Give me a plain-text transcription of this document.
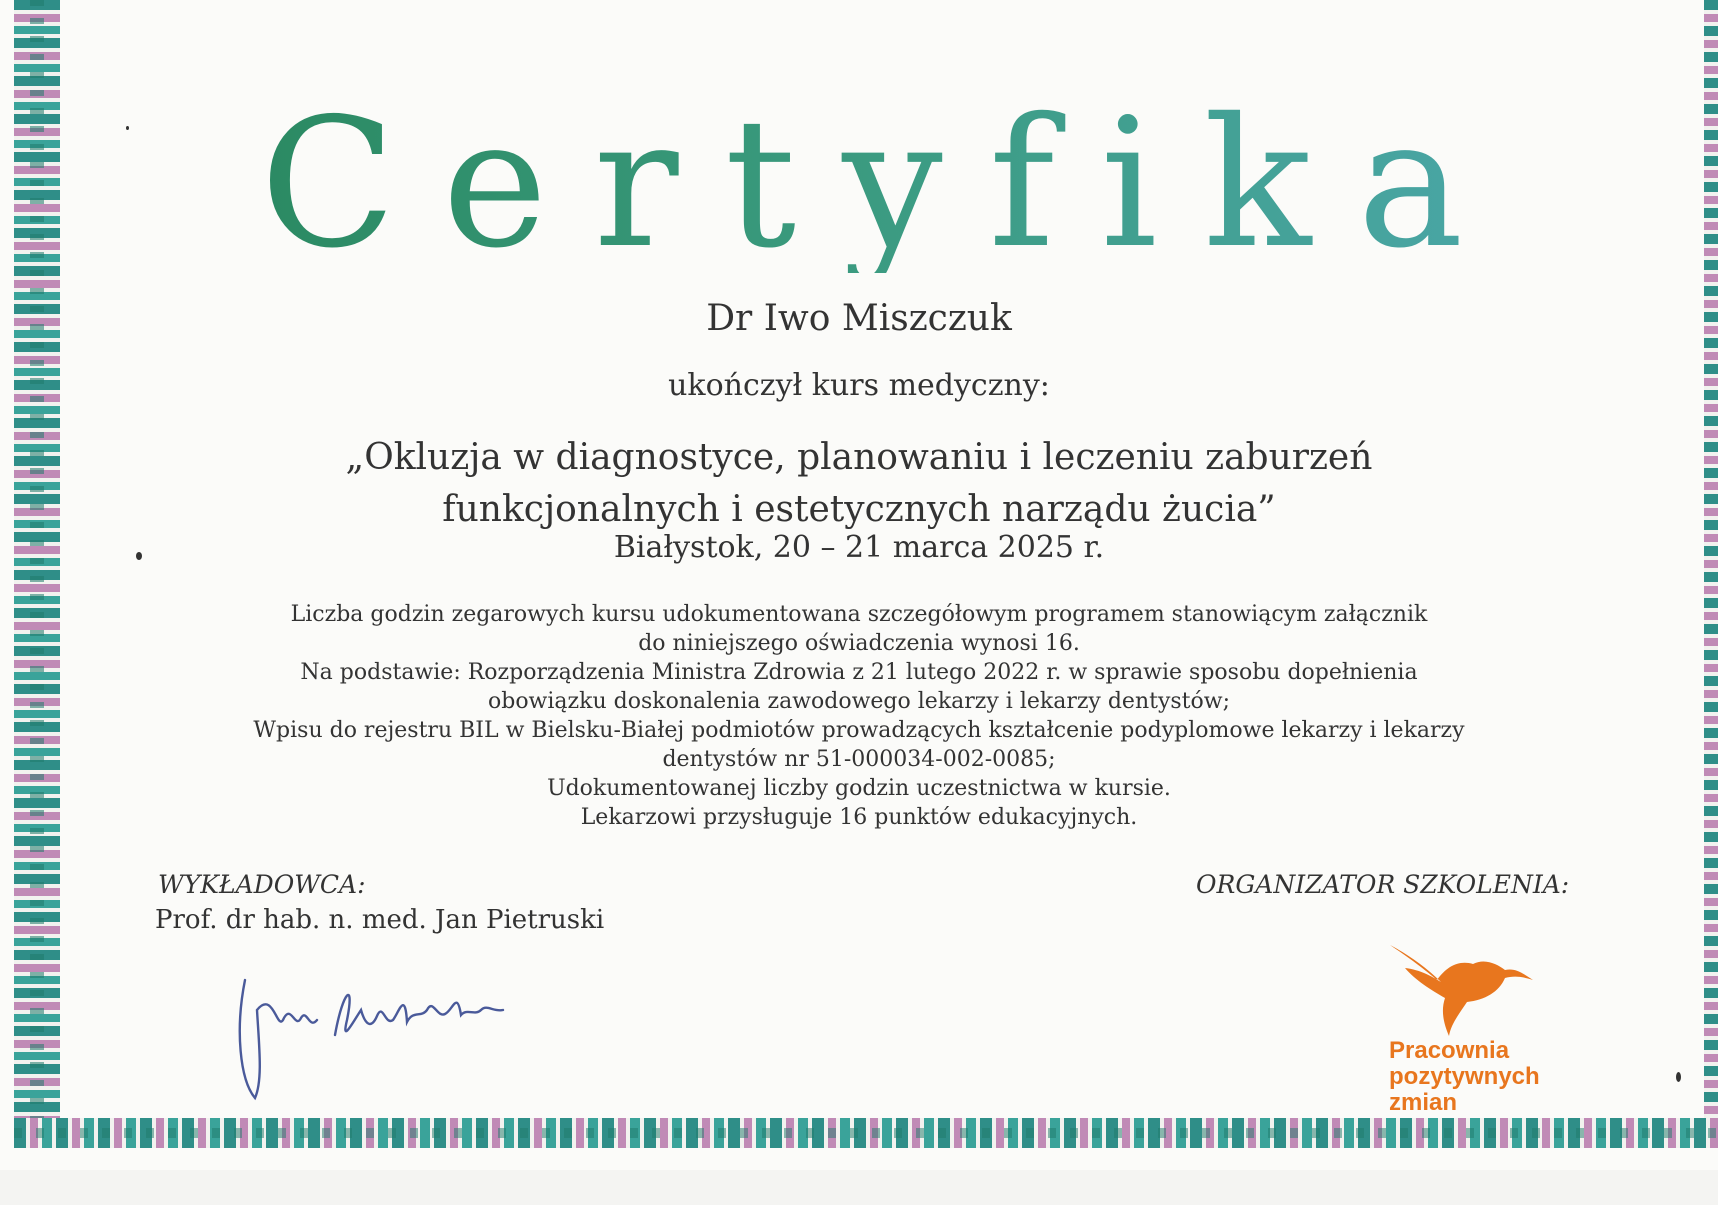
Certyfikat

Dr Iwo Miszczuk

ukończył kurs medyczny:

„Okluzja w diagnostyce, planowaniu i leczeniu zaburzeń
funkcjonalnych i estetycznych narządu żucia”

Białystok, 20 – 21 marca 2025 r.

Liczba godzin zegarowych kursu udokumentowana szczegółowym programem stanowiącym załącznik
do niniejszego oświadczenia wynosi 16.
Na podstawie: Rozporządzenia Ministra Zdrowia z 21 lutego 2022 r. w sprawie sposobu dopełnienia
obowiązku doskonalenia zawodowego lekarzy i lekarzy dentystów;
Wpisu do rejestru BIL w Bielsku-Białej podmiotów prowadzących kształcenie podyplomowe lekarzy i lekarzy
dentystów nr 51-000034-002-0085;
Udokumentowanej liczby godzin uczestnictwa w kursie.
Lekarzowi przysługuje 16 punktów edukacyjnych.

WYKŁADOWCA:

Prof. dr hab. n. med. Jan Pietruski

ORGANIZATOR SZKOLENIA:

Pracownia
pozytywnych
zmian
